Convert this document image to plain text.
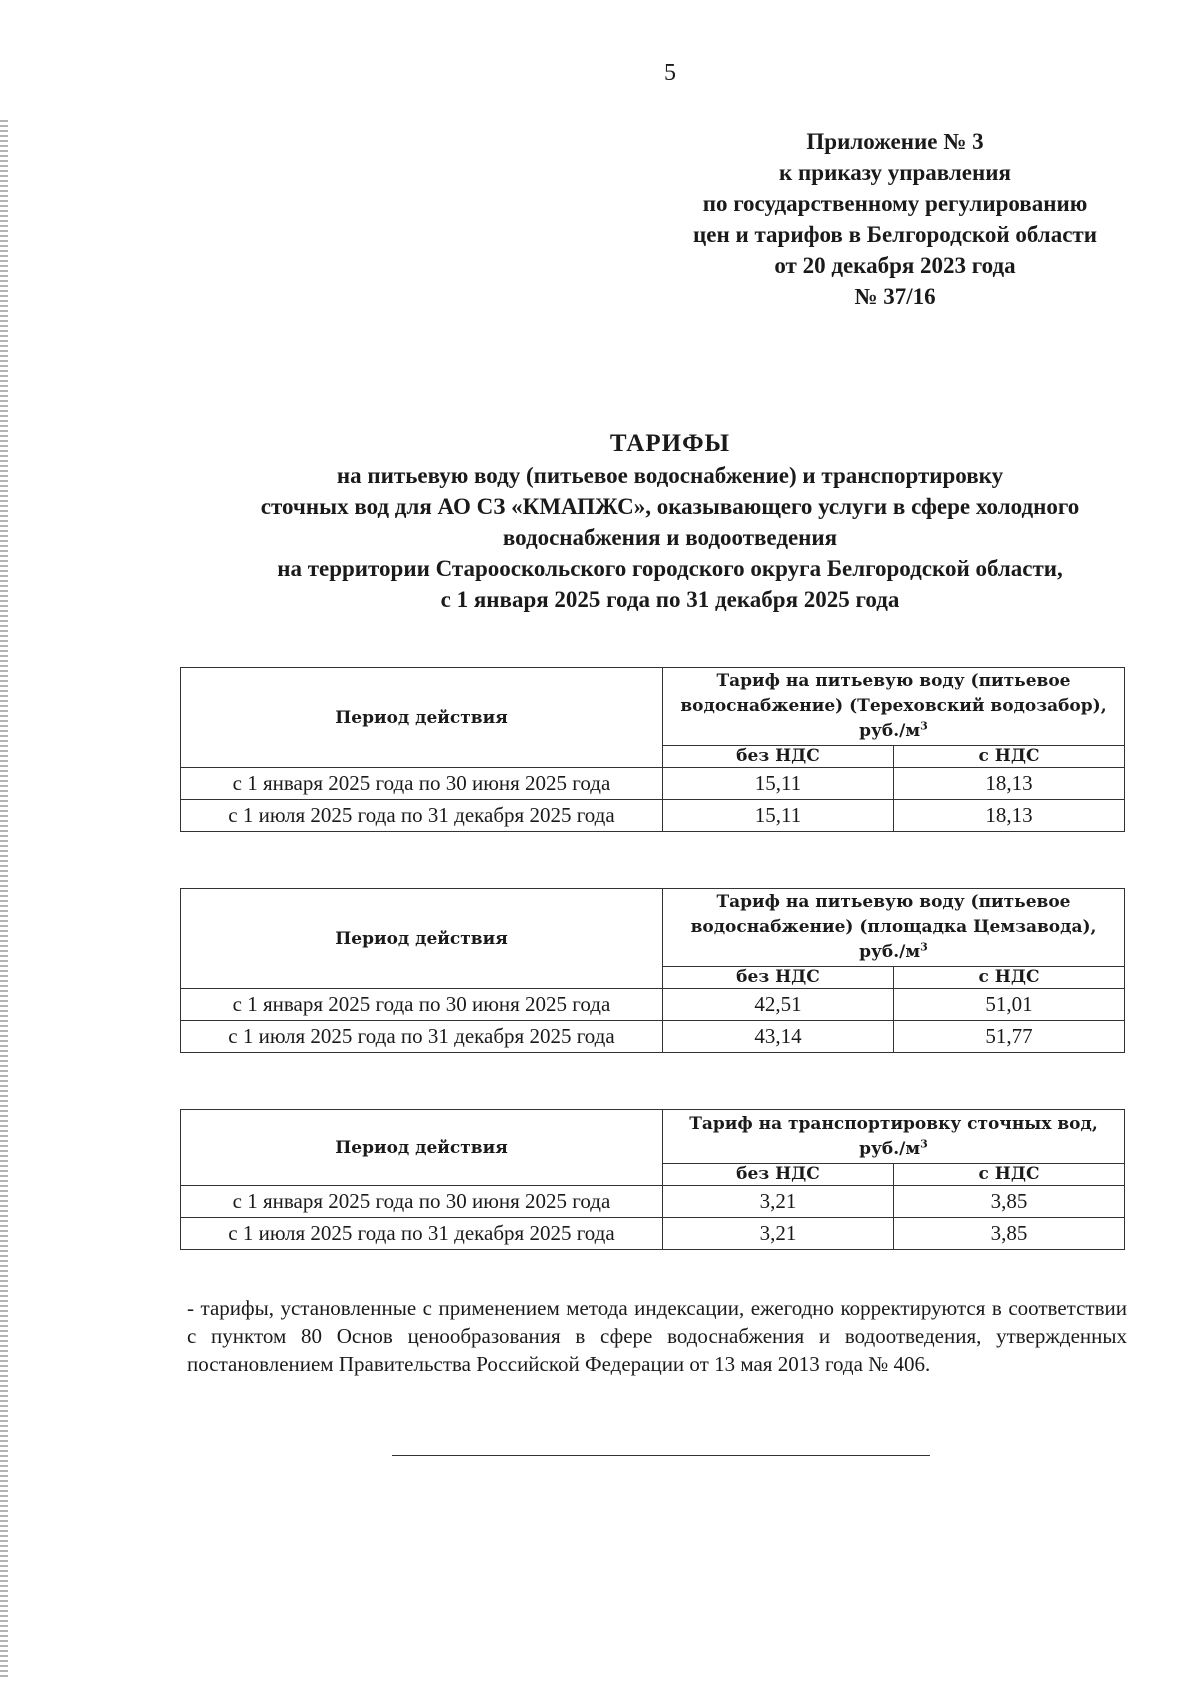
5
Приложение № 3
к приказу управления
по государственному регулированию
цен и тарифов в Белгородской области
от 20 декабря 2023 года
№ 37/16
ТАРИФЫ
на питьевую воду (питьевое водоснабжение) и транспортировку
сточных вод для АО СЗ «КМАПЖС», оказывающего услуги в сфере холодного
водоснабжения и водоотведения
на территории Старооскольского городского округа Белгородской области,
с 1 января 2025 года по 31 декабря 2025 года
Период действия	Тариф на питьевую воду (питьевое водоснабжение) (Тереховский водозабор), $руб./м^3$
	без НДС	с НДС
с 1 января 2025 года по 30 июня 2025 года	15,11	18,13
с 1 июля 2025 года по 31 декабря 2025 года	15,11	18,13
Период действия	Тариф на питьевую воду (питьевое водоснабжение) (площадка Цемзавода), $руб./м^3$
	без НДС	с НДС
с 1 января 2025 года по 30 июня 2025 года	42,51	51,01
с 1 июля 2025 года по 31 декабря 2025 года	43,14	51,77
Период действия	Тариф на транспортировку сточных вод, $руб./м^3$
	без НДС	с НДС
с 1 января 2025 года по 30 июня 2025 года	3,21	3,85
с 1 июля 2025 года по 31 декабря 2025 года	3,21	3,85
- тарифы, установленные с применением метода индексации, ежегодно корректируются в соответствии с пунктом 80 Основ ценообразования в сфере водоснабжения и водоотведения, утвержденных постановлением Правительства Российской Федерации от 13 мая 2013 года № 406.
